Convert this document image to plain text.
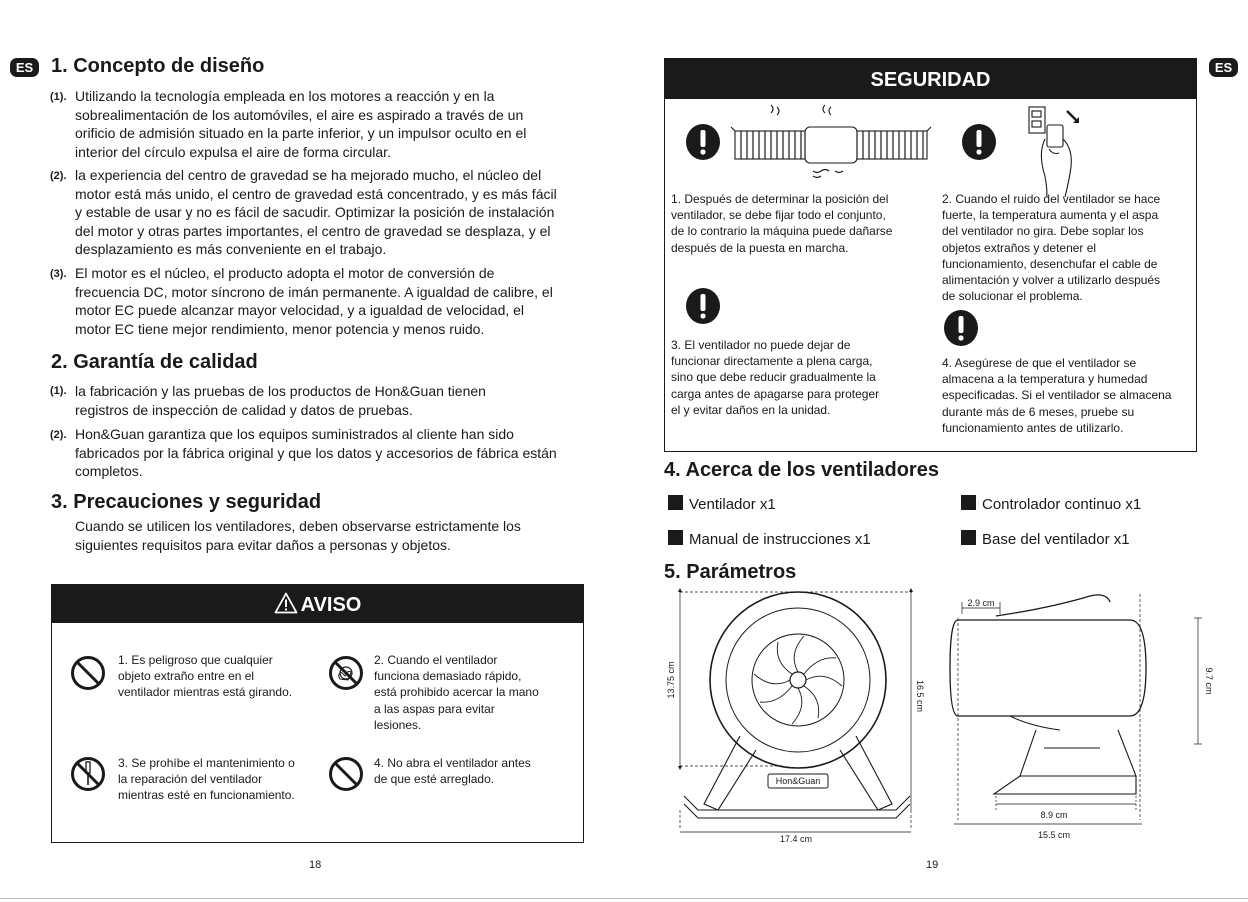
ES 1. Concepto de diseño
(1). Utilizando la tecnología empleada en los motores a reacción y en la
sobrealimentación de los automóviles, el aire es aspirado a través de un
orificio de admisión situado en la parte inferior, y un impulsor oculto en el
interior del círculo expulsa el aire de forma circular.
(2). la experiencia del centro de gravedad se ha mejorado mucho, el núcleo del
motor está más unido, el centro de gravedad está concentrado, y es más fácil
y estable de usar y no es fácil de sacudir. Optimizar la posición de instalación
del motor y otras partes importantes, el centro de gravedad se desplaza, y el
desplazamiento es más conveniente en el trabajo.
(3). El motor es el núcleo, el producto adopta el motor de conversión de
frecuencia DC, motor síncrono de imán permanente. A igualdad de calibre, el
motor EC puede alcanzar mayor velocidad, y a igualdad de velocidad, el
motor EC tiene mejor rendimiento, menor potencia y menos ruido.
2. Garantía de calidad
(1). la fabricación y las pruebas de los productos de Hon&Guan tienen
registros de inspección de calidad y datos de pruebas.
(2). Hon&Guan garantiza que los equipos suministrados al cliente han sido
fabricados por la fábrica original y que los datos y accesorios de fábrica están
completos.
3. Precauciones y seguridad
Cuando se utilicen los ventiladores, deben observarse estrictamente los
siguientes requisitos para evitar daños a personas y objetos.
AVISO
1. Es peligroso que cualquier
objeto extraño entre en el
ventilador mientras está girando.
2. Cuando el ventilador
funciona demasiado rápido,
está prohibido acercar la mano
a las aspas para evitar
lesiones.
3. Se prohíbe el mantenimiento o
la reparación del ventilador
mientras esté en funcionamiento.
4. No abra el ventilador antes
de que esté arreglado.
18
ES
SEGURIDAD
1. Después de determinar la posición del
ventilador, se debe fijar todo el conjunto,
de lo contrario la máquina puede dañarse
después de la puesta en marcha.
2. Cuando el ruido del ventilador se hace
fuerte, la temperatura aumenta y el aspa
del ventilador no gira. Debe soplar los
objetos extraños y detener el
funcionamiento, desenchufar el cable de
alimentación y volver a utilizarlo después
de solucionar el problema.
3. El ventilador no puede dejar de
funcionar directamente a plena carga,
sino que debe reducir gradualmente la
carga antes de apagarse para proteger
el y evitar daños en la unidad.
4. Asegúrese de que el ventilador se
almacena a la temperatura y humedad
especificadas. Si el ventilador se almacena
durante más de 6 meses, pruebe su
funcionamiento antes de utilizarlo.
4. Acerca de los ventiladores
Ventilador x1	Controlador continuo x1
Manual de instrucciones x1	Base del ventilador x1
5. Parámetros
Hon&Guan
13.75 cm	16.5 cm
17.4 cm
2.9 cm
9.7 cm
8.9 cm
15.5 cm
19
